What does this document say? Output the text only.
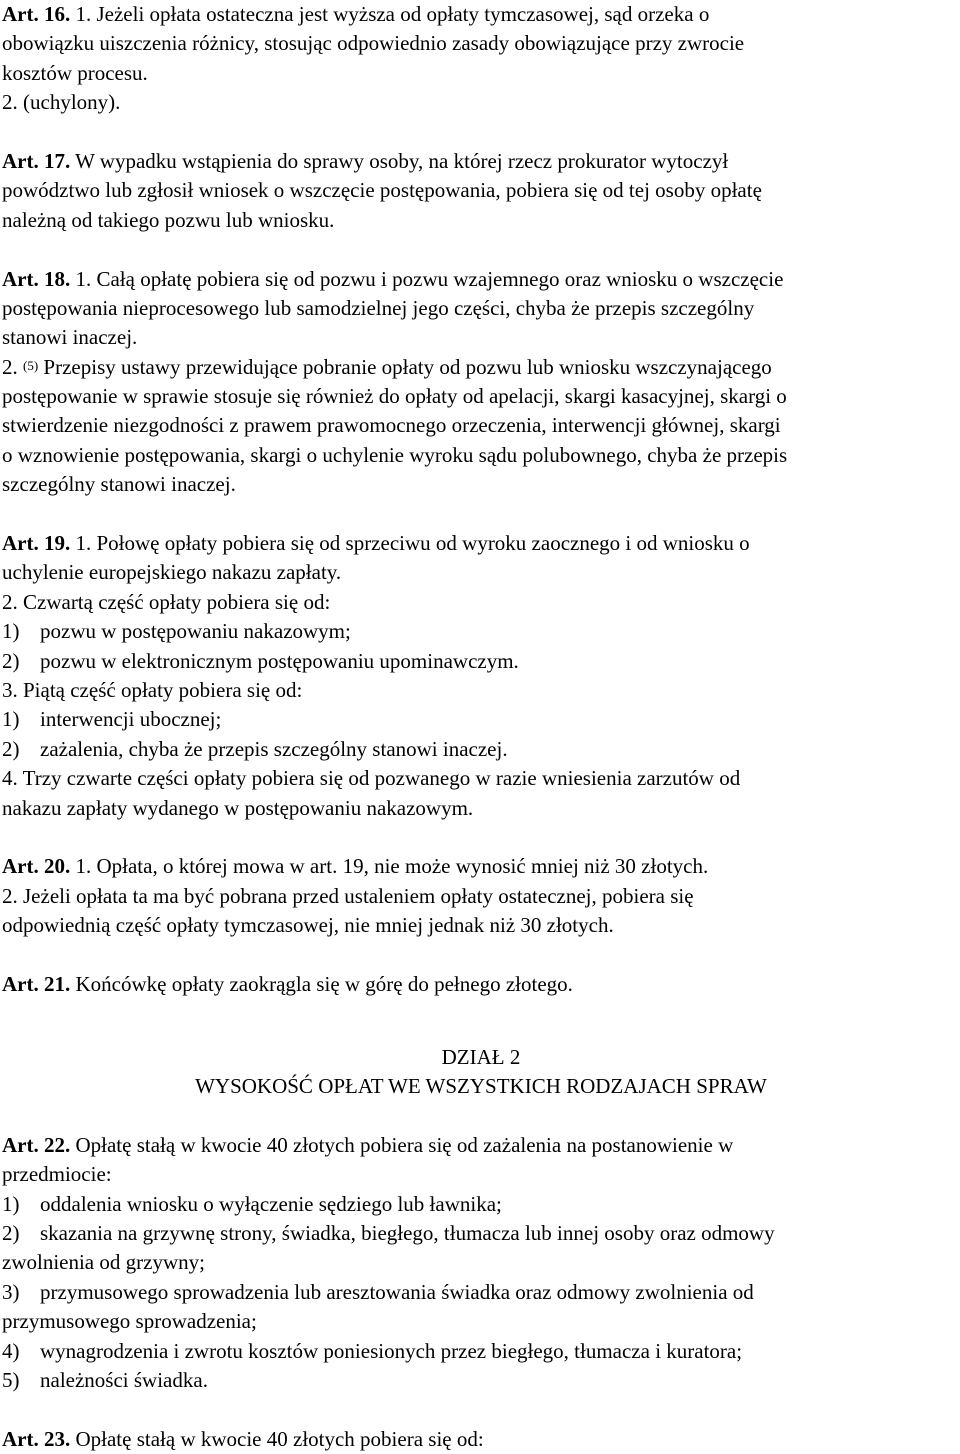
Art. 16. 1. Jeżeli opłata ostateczna jest wyższa od opłaty tymczasowej, sąd orzeka o
obowiązku uiszczenia różnicy, stosując odpowiednio zasady obowiązujące przy zwrocie
kosztów procesu.
2. (uchylony).
Art. 17. W wypadku wstąpienia do sprawy osoby, na której rzecz prokurator wytoczył
powództwo lub zgłosił wniosek o wszczęcie postępowania, pobiera się od tej osoby opłatę
należną od takiego pozwu lub wniosku.
Art. 18. 1. Całą opłatę pobiera się od pozwu i pozwu wzajemnego oraz wniosku o wszczęcie
postępowania nieprocesowego lub samodzielnej jego części, chyba że przepis szczególny
stanowi inaczej.
2. $^{(5)}$ Przepisy ustawy przewidujące pobranie opłaty od pozwu lub wniosku wszczynającego
postępowanie w sprawie stosuje się również do opłaty od apelacji, skargi kasacyjnej, skargi o
stwierdzenie niezgodności z prawem prawomocnego orzeczenia, interwencji głównej, skargi
o wznowienie postępowania, skargi o uchylenie wyroku sądu polubownego, chyba że przepis
szczególny stanowi inaczej.
Art. 19. 1. Połowę opłaty pobiera się od sprzeciwu od wyroku zaocznego i od wniosku o
uchylenie europejskiego nakazu zapłaty.
2. Czwartą część opłaty pobiera się od:
1) pozwu w postępowaniu nakazowym;
2) pozwu w elektronicznym postępowaniu upominawczym.
3. Piątą część opłaty pobiera się od:
1) interwencji ubocznej;
2) zażalenia, chyba że przepis szczególny stanowi inaczej.
4. Trzy czwarte części opłaty pobiera się od pozwanego w razie wniesienia zarzutów od
nakazu zapłaty wydanego w postępowaniu nakazowym.
Art. 20. 1. Opłata, o której mowa w art. 19, nie może wynosić mniej niż 30 złotych.
2. Jeżeli opłata ta ma być pobrana przed ustaleniem opłaty ostatecznej, pobiera się
odpowiednią część opłaty tymczasowej, nie mniej jednak niż 30 złotych.
Art. 21. Końcówkę opłaty zaokrągla się w górę do pełnego złotego.
DZIAŁ 2
WYSOKOŚĆ OPŁAT WE WSZYSTKICH RODZAJACH SPRAW
Art. 22. Opłatę stałą w kwocie 40 złotych pobiera się od zażalenia na postanowienie w
przedmiocie:
1) oddalenia wniosku o wyłączenie sędziego lub ławnika;
2) skazania na grzywnę strony, świadka, biegłego, tłumacza lub innej osoby oraz odmowy
zwolnienia od grzywny;
3) przymusowego sprowadzenia lub aresztowania świadka oraz odmowy zwolnienia od
przymusowego sprowadzenia;
4) wynagrodzenia i zwrotu kosztów poniesionych przez biegłego, tłumacza i kuratora;
5) należności świadka.
Art. 23. Opłatę stałą w kwocie 40 złotych pobiera się od:
